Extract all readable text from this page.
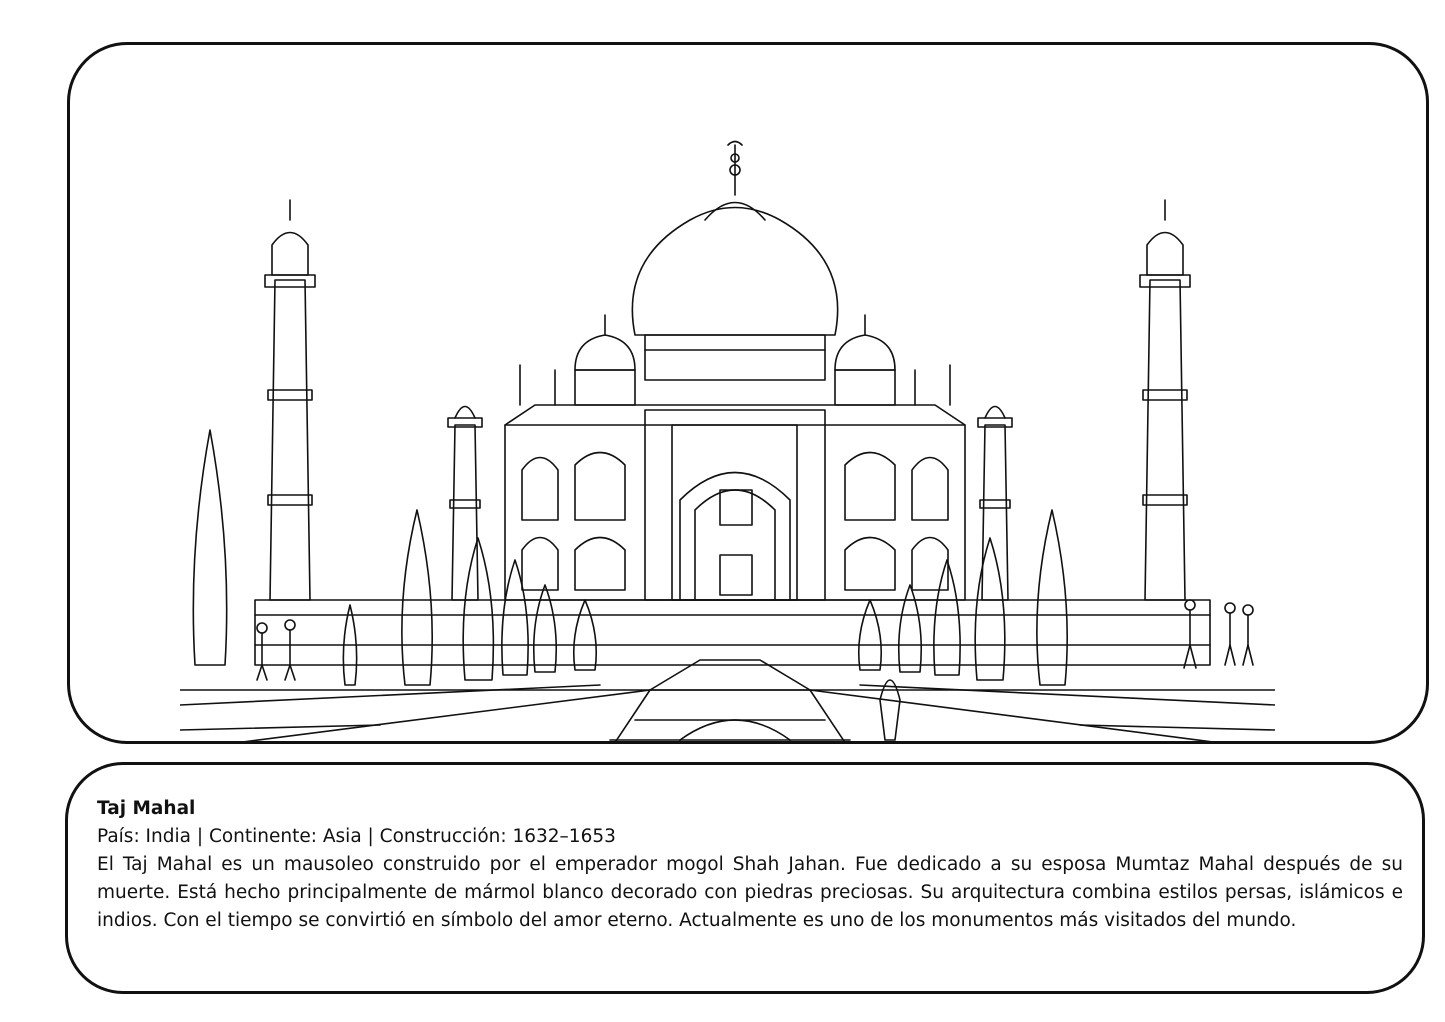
Taj Mahal
País: India | Continente: Asia | Construcción: 1632–1653
El Taj Mahal es un mausoleo construido por el emperador mogol Shah Jahan. Fue dedicado a su esposa Mumtaz Mahal después de su muerte. Está hecho principalmente de mármol blanco decorado con piedras preciosas. Su arquitectura combina estilos persas, islámicos e indios. Con el tiempo se convirtió en símbolo del amor eterno. Actualmente es uno de los monumentos más visitados del mundo.
